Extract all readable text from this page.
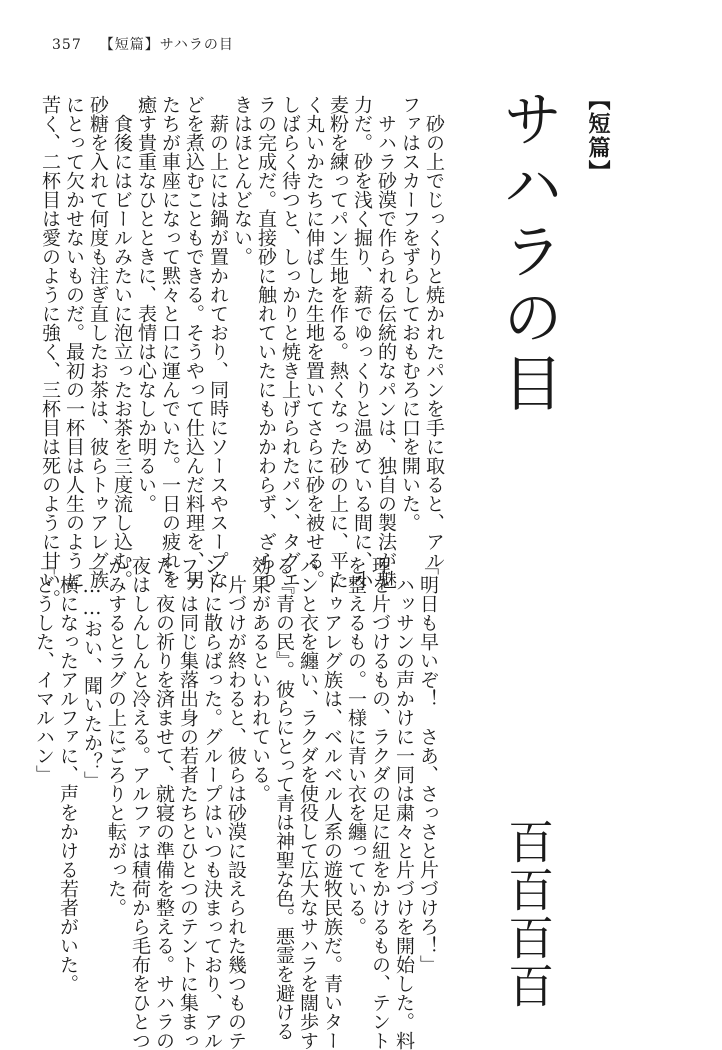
357 【短篇】サハラの目
【短篇】
サハラの目
百百百百
　砂の上でじっくりと焼かれたパンを手に取ると、アル
ファはスカーフをずらしておもむろに口を開いた。
　サハラ砂漠で作られる伝統的なパンは、独自の製法が魅
力だ。砂を浅く掘り、薪でゆっくりと温めている間に、小
麦粉を練ってパン生地を作る。熱くなった砂の上に、平た
く丸いかたちに伸ばした生地を置いてさらに砂を被せる。
しばらく待つと、しっかりと焼き上げられたパン、タグエ
ラの完成だ。直接砂に触れていたにもかかわらず、ざらつ
きはほとんどない。
　薪の上には鍋が置かれており、同時にソースやスープな
どを煮込むこともできる。そうやって仕込んだ料理を、男
たちが車座になって黙々と口に運んでいた。一日の疲れを
癒す貴重なひとときに、表情は心なしか明るい。
　食後にはビールみたいに泡立ったお茶を三度流し込む。
砂糖を入れて何度も注ぎ直したお茶は、彼らトゥアレグ族
にとって欠かせないものだ。最初の一杯目は人生のように
苦く、二杯目は愛のように強く、三杯目は死のように甘い。
「明日も早いぞ！　さあ、さっさと片づけろ！」
　ハッサンの声かけに一同は粛々と片づけを開始した。料
理を片づけるもの、ラクダの足に紐をかけるもの、テント
を整えるもの。一様に青い衣を纏っている。
　トゥアレグ族は、ベルベル人系の遊牧民族だ。青いター
バンと衣を纏い、ラクダを使役して広大なサハラを闊歩す
る『青の民』。彼らにとって青は神聖な色。悪霊を避ける
効果があるといわれている。
　片づけが終わると、彼らは砂漠に設えられた幾つものテ
ントに散らばった。グループはいつも決まっており、アル
ファは同じ集落出身の若者たちとひとつのテントに集まっ
た。夜の祈りを済ませて、就寝の準備を整える。サハラの
夜はしんしんと冷える。アルファは積荷から毛布をひとつ
かみするとラグの上にごろりと転がった。
「……おい、聞いたか？」
　横になったアルファに、声をかける若者がいた。
「どうした、イマルハン」
